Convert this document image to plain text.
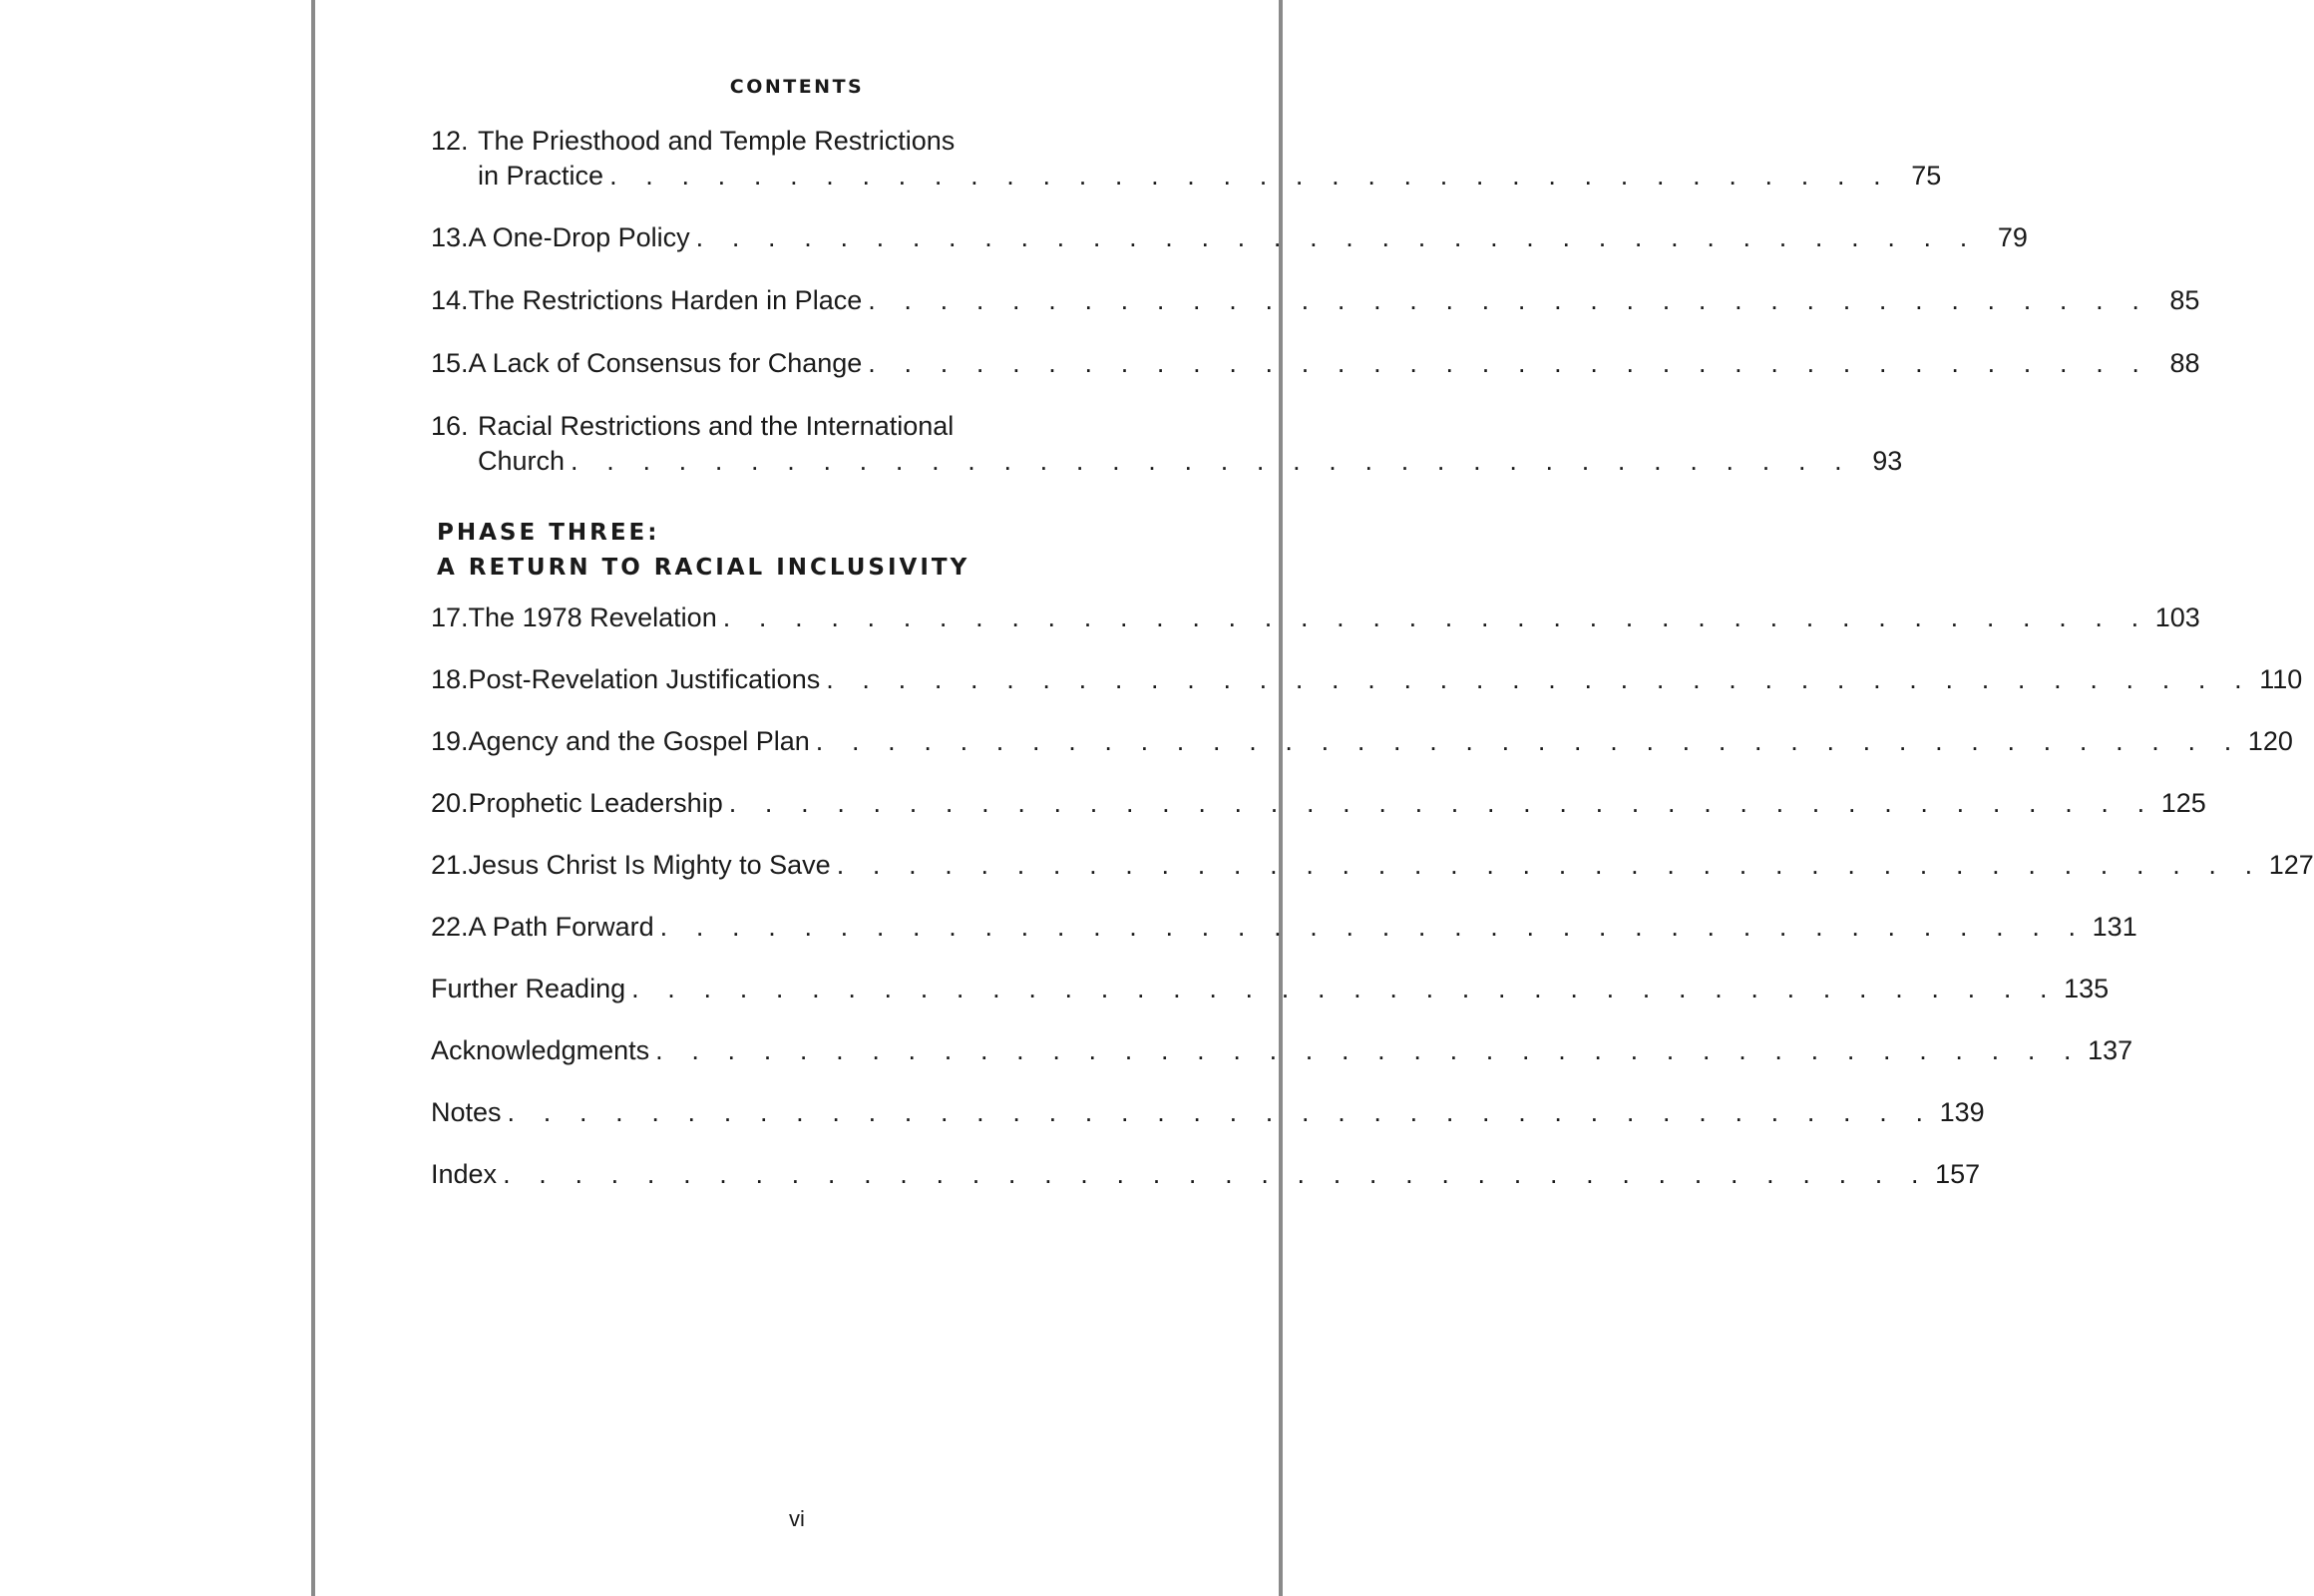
CONTENTS
12. The Priesthood and Temple Restrictions
in Practice . . . . . . . . . . . . . . . . . . . . . . . . . . . . . . . . . . . . 75
13. A One-Drop Policy . . . . . . . . . . . . . . . . . . . . . . . . . . . . . . . . . . . . 79
14. The Restrictions Harden in Place . . . . . . . . . . . . . . . . . . . . . . . . . . . . . . . . . . . . 85
15. A Lack of Consensus for Change . . . . . . . . . . . . . . . . . . . . . . . . . . . . . . . . . . . . 88
16. Racial Restrictions and the International
Church . . . . . . . . . . . . . . . . . . . . . . . . . . . . . . . . . . . . 93
PHASE THREE:
A RETURN TO RACIAL INCLUSIVITY
17. The 1978 Revelation . . . . . . . . . . . . . . . . . . . . . . . . . . . . . . . . . . . . . . . . 103
18. Post-Revelation Justifications . . . . . . . . . . . . . . . . . . . . . . . . . . . . . . . . . . . . . . . . 110
19. Agency and the Gospel Plan . . . . . . . . . . . . . . . . . . . . . . . . . . . . . . . . . . . . . . . . 120
20. Prophetic Leadership . . . . . . . . . . . . . . . . . . . . . . . . . . . . . . . . . . . . . . . . 125
21. Jesus Christ Is Mighty to Save . . . . . . . . . . . . . . . . . . . . . . . . . . . . . . . . . . . . . . . . 127
22. A Path Forward . . . . . . . . . . . . . . . . . . . . . . . . . . . . . . . . . . . . . . . . 131
Further Reading . . . . . . . . . . . . . . . . . . . . . . . . . . . . . . . . . . . . . . . . 135
Acknowledgments . . . . . . . . . . . . . . . . . . . . . . . . . . . . . . . . . . . . . . . . 137
Notes . . . . . . . . . . . . . . . . . . . . . . . . . . . . . . . . . . . . . . . . 139
Index . . . . . . . . . . . . . . . . . . . . . . . . . . . . . . . . . . . . . . . . 157
vi
